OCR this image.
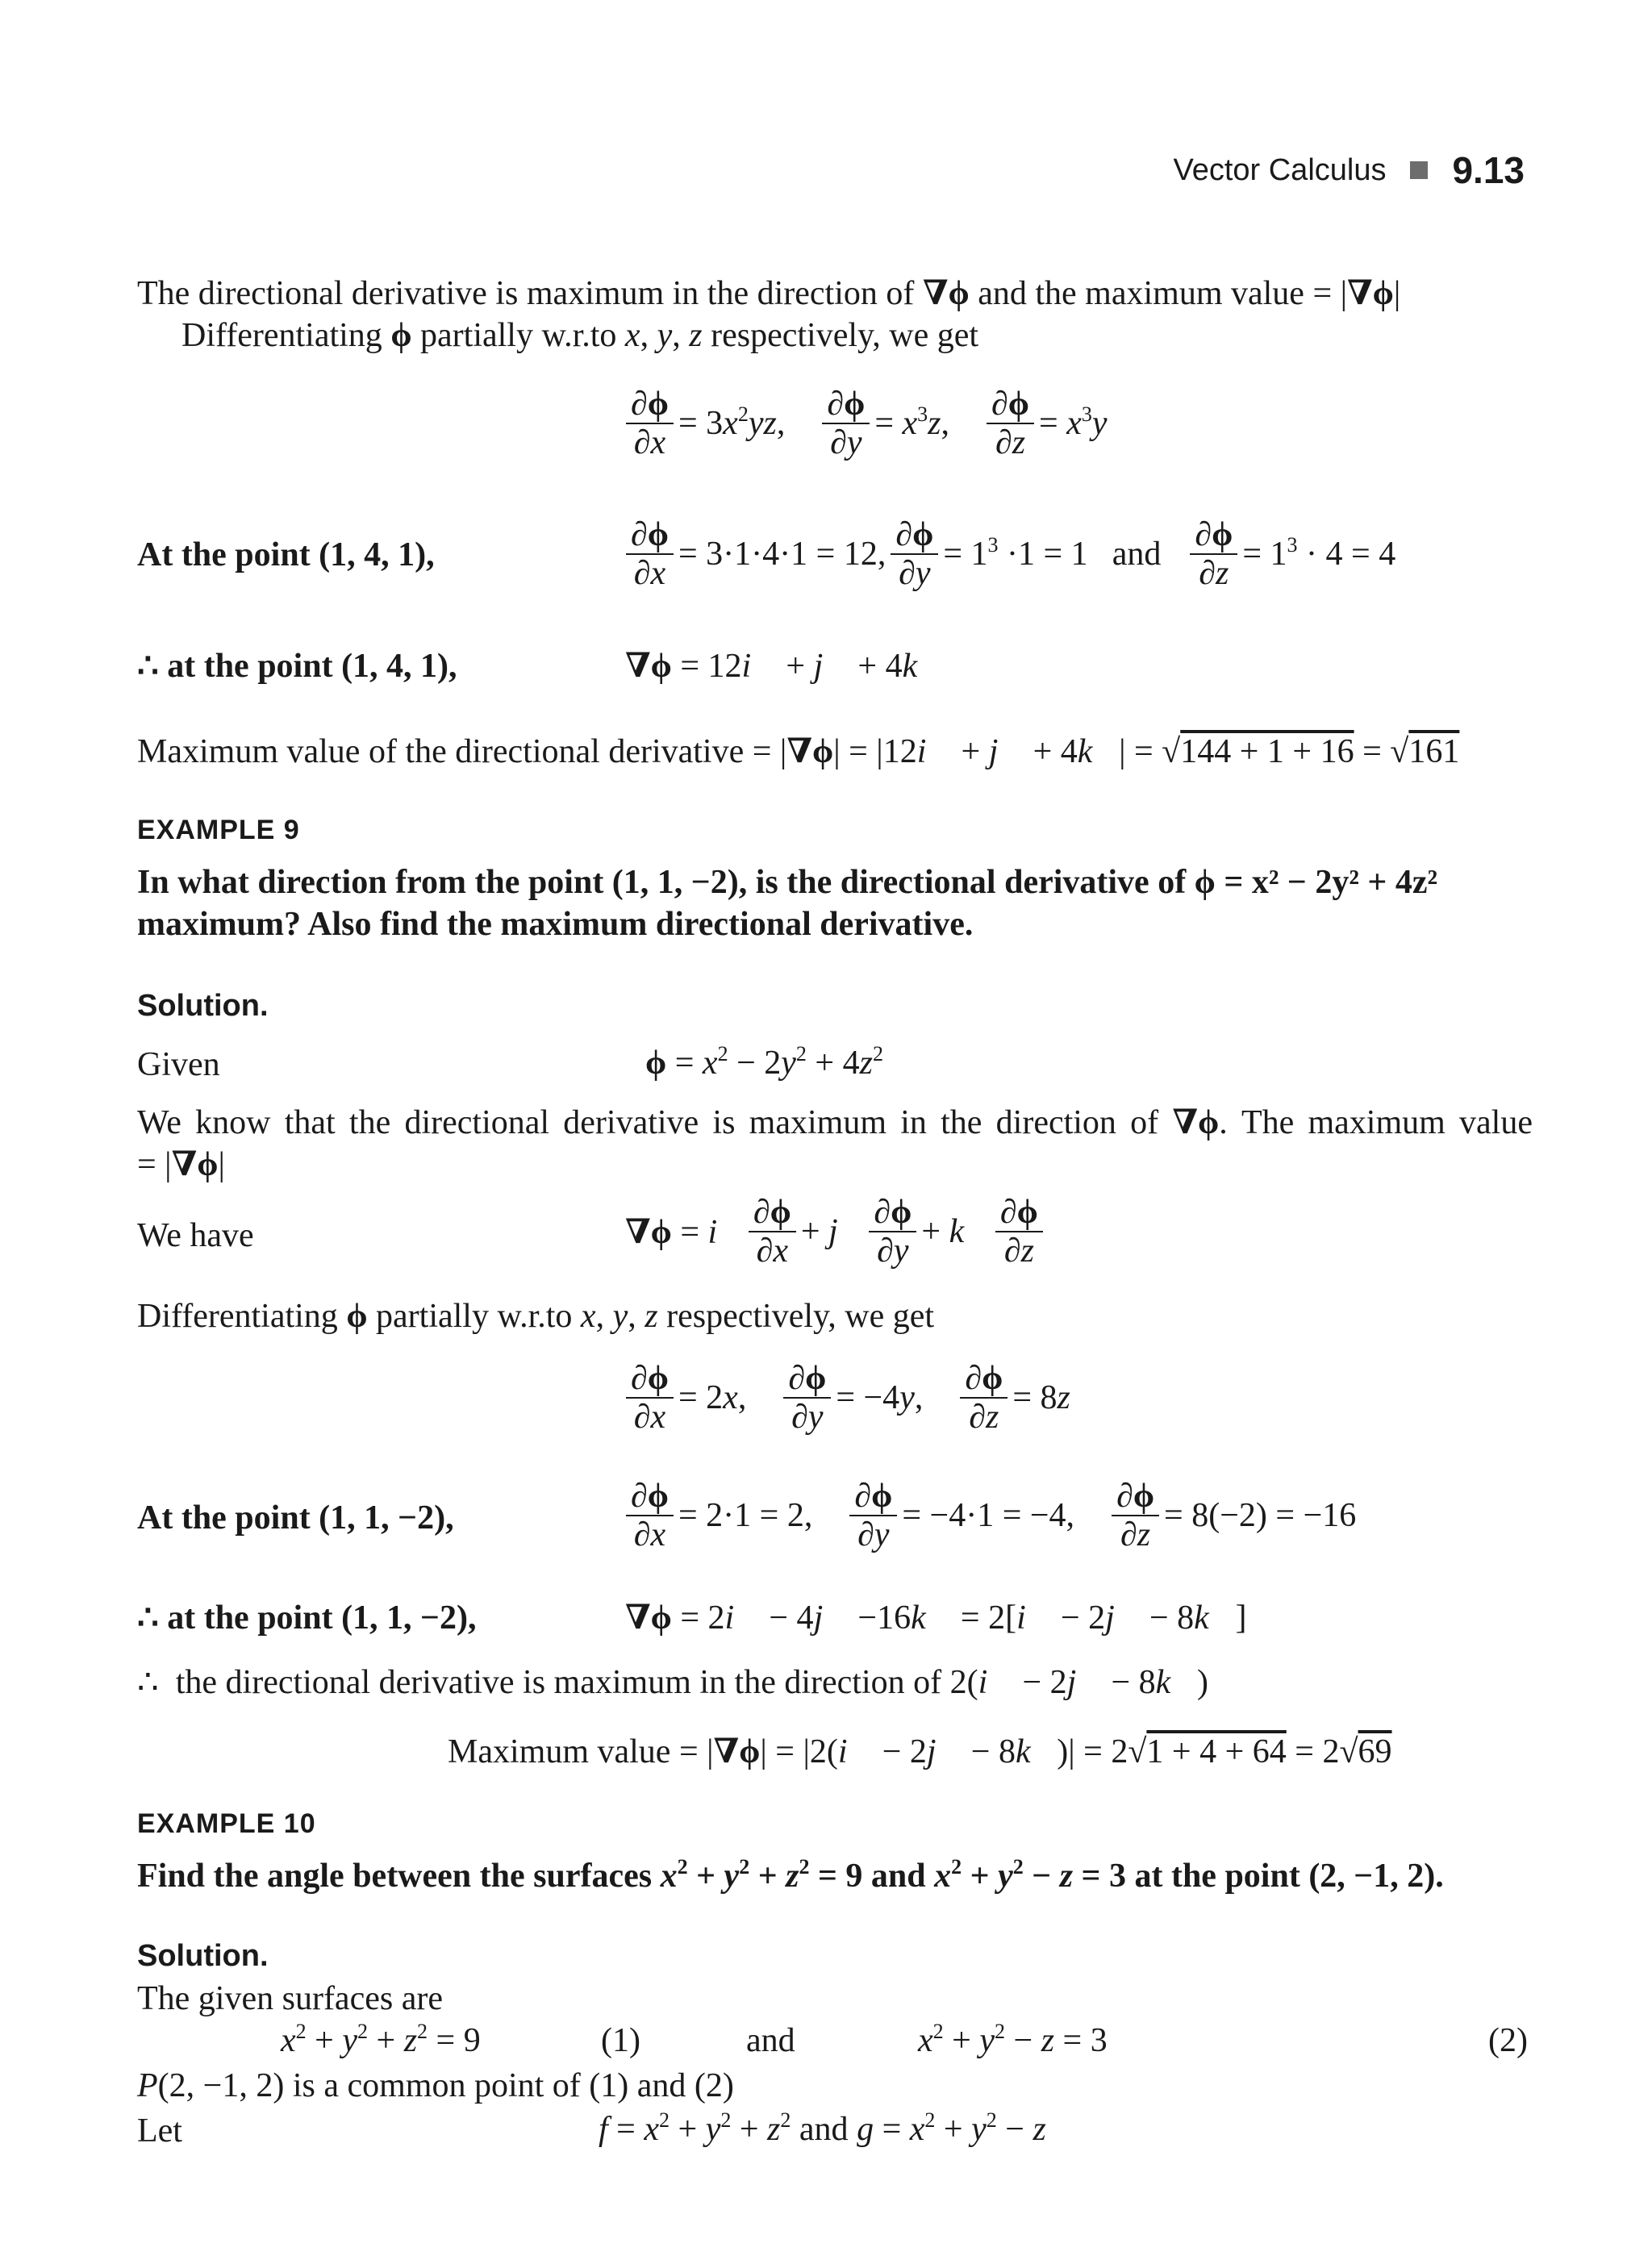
Vector Calculus 9.13
The directional derivative is maximum in the direction of ∇ϕ and the maximum value = |∇ϕ|
Differentiating ϕ partially w.r.to x, y, z respectively, we get
$\frac{\partial\phi}{\partial x} = 3x^2yz$, $\frac{\partial\phi}{\partial y} = x^3z$, $\frac{\partial\phi}{\partial z} = x^3y$
At the point (1, 4, 1),	$\frac{\partial\phi}{\partial x} = 3\cdot 1\cdot 4\cdot 1 = 12$, $\frac{\partial\phi}{\partial y} = 1^3 \cdot 1 = 1$ and $\frac{\partial\phi}{\partial z} = 1^3 \cdot 4 = 4$
∴ at the point (1, 4, 1),	∇ϕ = 12i⃗ + j⃗ + 4k⃗
Maximum value of the directional derivative = |∇ϕ| = |12i⃗ + j⃗ + 4k⃗| = √144 + 1 + 16 = √161
EXAMPLE 9
In what direction from the point (1, 1, −2), is the directional derivative of ϕ = x² − 2y² + 4z²
maximum? Also find the maximum directional derivative.
Solution.
Given	$\phi = x^2 - 2y^2 + 4z^2$
We know that the directional derivative is maximum in the direction of ∇ϕ. The maximum value
= |∇ϕ|
We have	∇ϕ = i⃗ $\frac{\partial\phi}{\partial x}$ + j⃗ $\frac{\partial\phi}{\partial y}$ + k⃗ $\frac{\partial\phi}{\partial z}$
Differentiating ϕ partially w.r.to x, y, z respectively, we get
$\frac{\partial\phi}{\partial x} = 2x$, $\frac{\partial\phi}{\partial y} = -4y$, $\frac{\partial\phi}{\partial z} = 8z$
At the point (1, 1, −2),	$\frac{\partial\phi}{\partial x} = 2\cdot 1 = 2$, $\frac{\partial\phi}{\partial y} = -4\cdot 1 = -4$, $\frac{\partial\phi}{\partial z} = 8(-2) = -16$
∴ at the point (1, 1, −2),	∇ϕ = 2i⃗ − 4j⃗ −16k⃗ = 2[i⃗ − 2j⃗ − 8k⃗]
∴  the directional derivative is maximum in the direction of 2(i⃗ − 2j⃗ − 8k⃗)
Maximum value = |∇ϕ| = |2(i⃗ − 2j⃗ − 8k⃗)| = 2√1 + 4 + 64 = 2√69
EXAMPLE 10
Find the angle between the surfaces $x^2 + y^2 + z^2 = 9$ and $x^2 + y^2 - z = 3$ at the point (2, −1, 2).
Solution.
The given surfaces are
$x^2 + y^2 + z^2 = 9$	(1)	and	$x^2 + y^2 - z = 3$	(2)
P(2, −1, 2) is a common point of (1) and (2)
Let	$f = x^2 + y^2 + z^2$ and $g = x^2 + y^2 - z$
